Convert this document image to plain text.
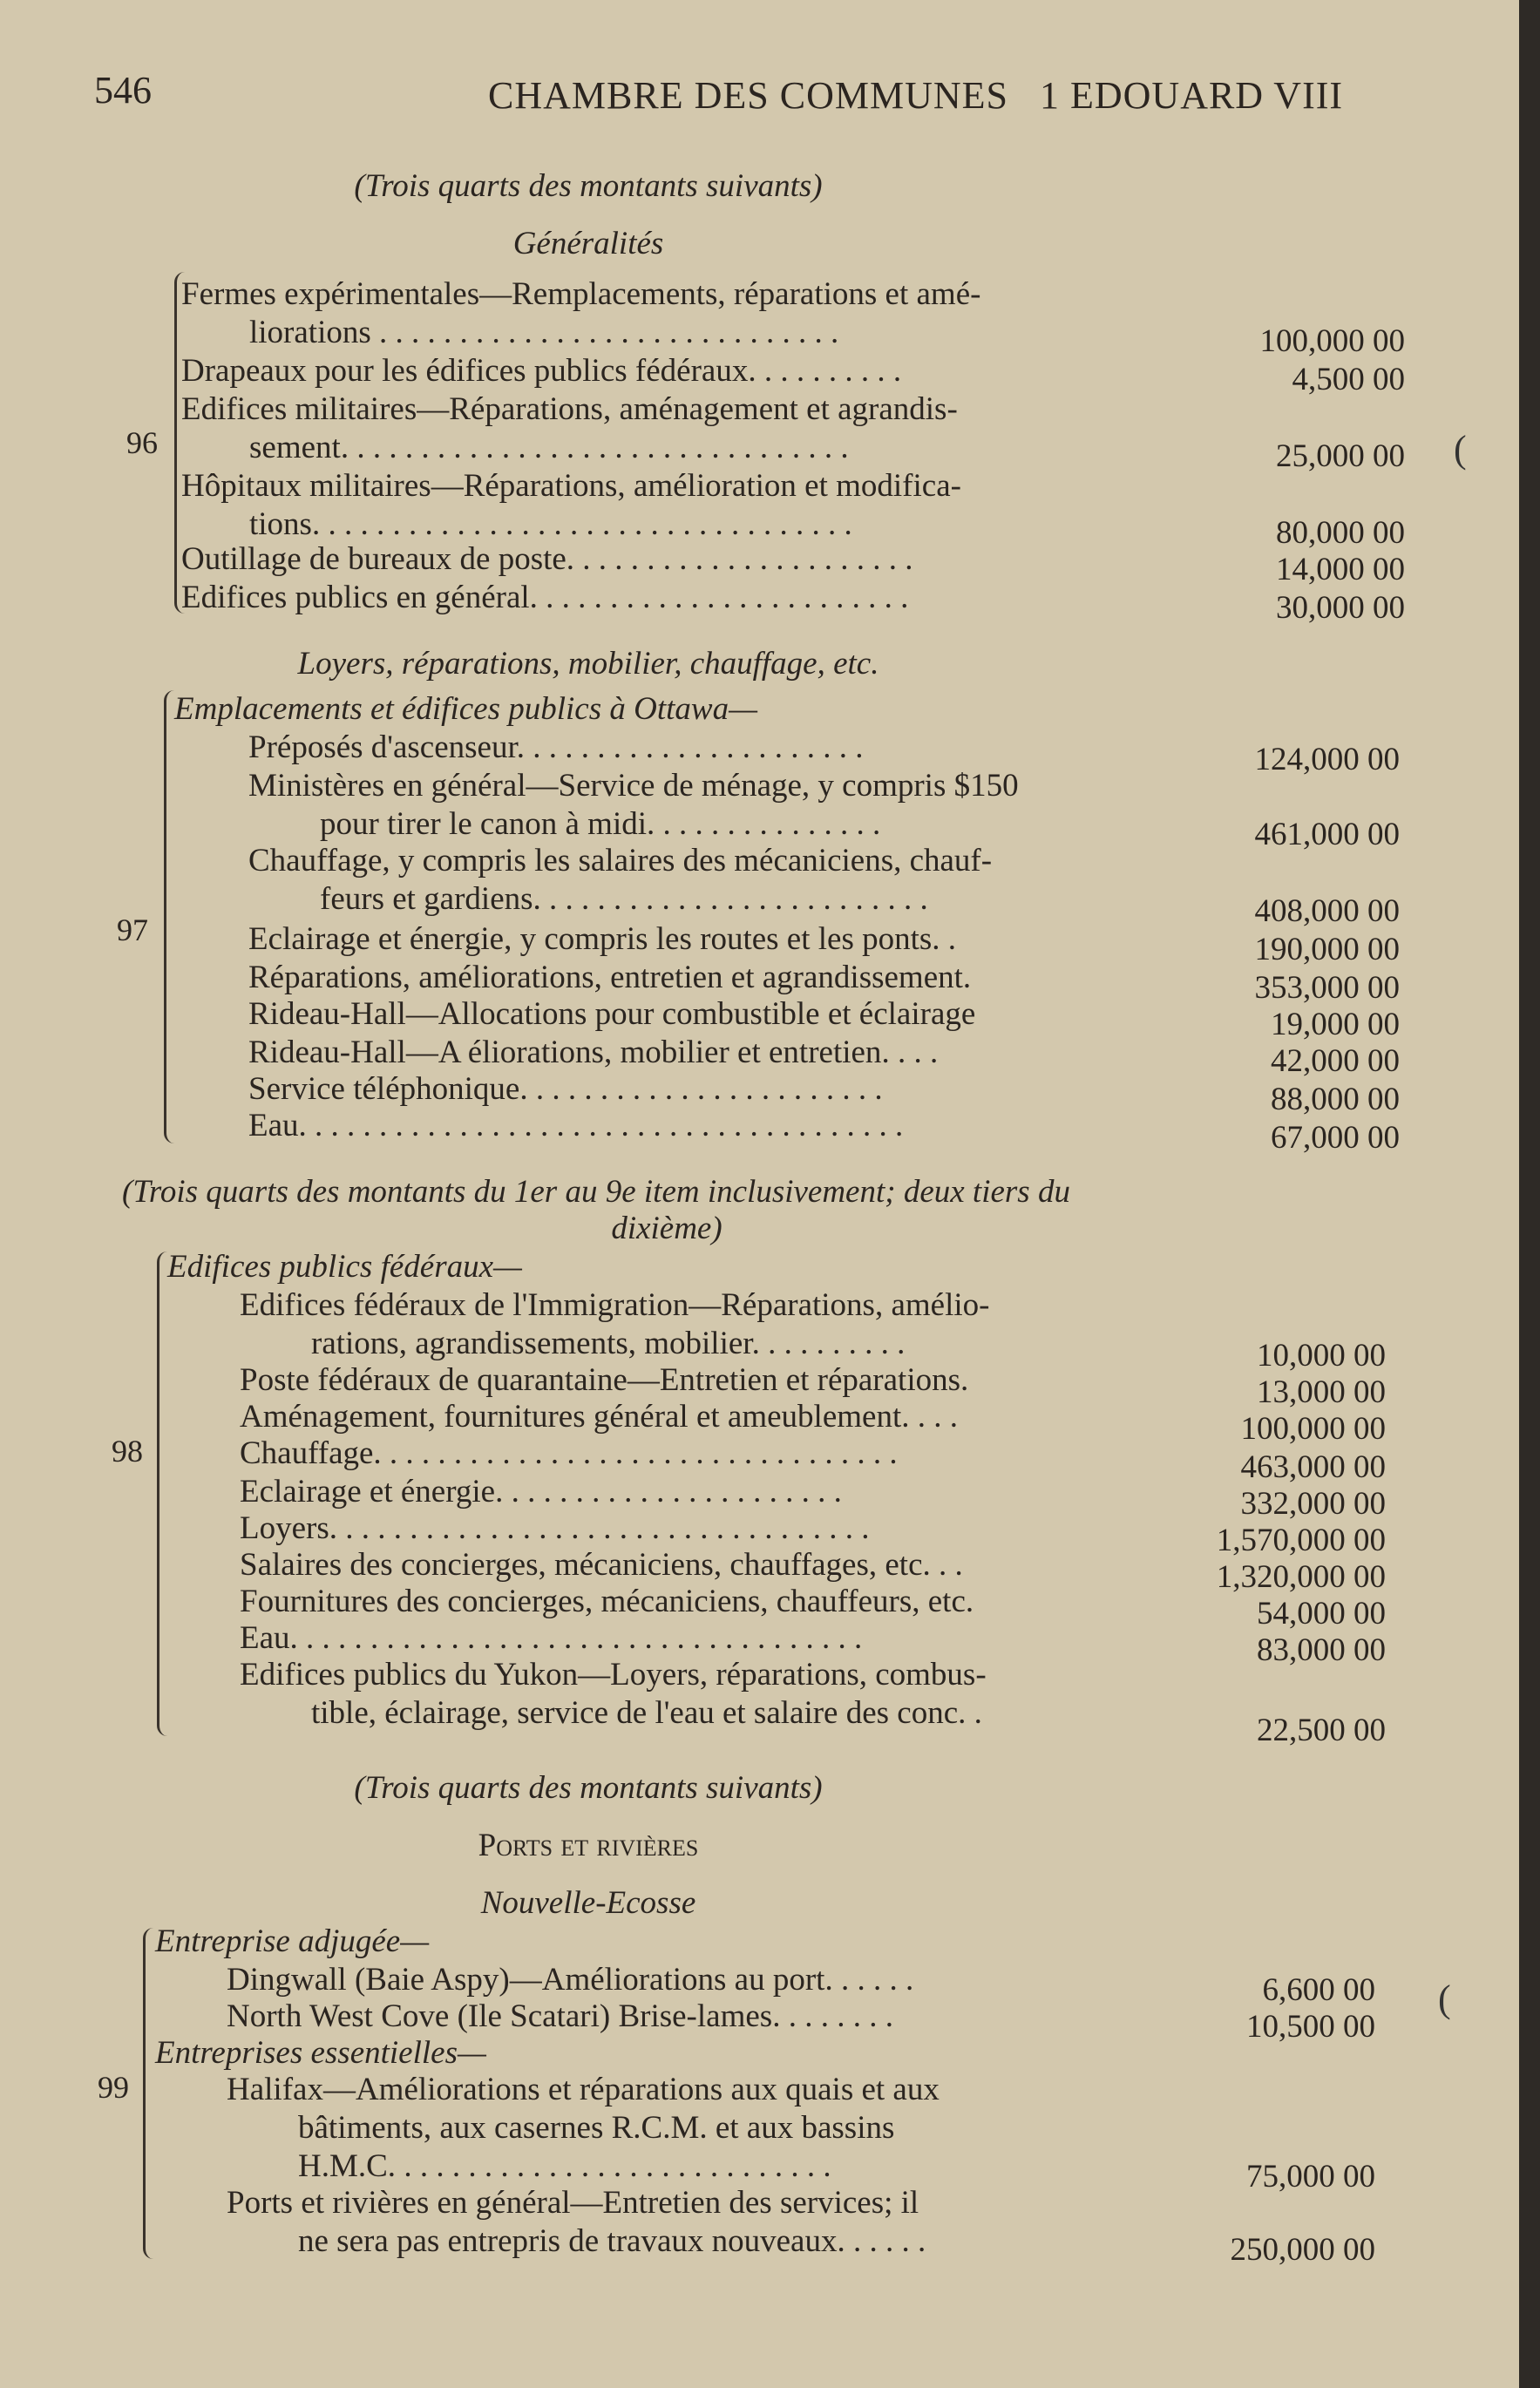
546	CHAMBRE DES COMMUNES   1 EDOUARD VIII
(Trois quarts des montants suivants)
Généralités
96
Fermes expérimentales—Remplacements, réparations et amé-
liorations . . . . . . . . . . . . . . . . . . . . . . . . . . . . .	100,000 00
Drapeaux pour les édifices publics fédéraux. . . . . . . . . .	4,500 00
Edifices militaires—Réparations, aménagement et agrandis-
sement. . . . . . . . . . . . . . . . . . . . . . . . . . . . . . . .	25,000 00
Hôpitaux militaires—Réparations, amélioration et modifica-
tions. . . . . . . . . . . . . . . . . . . . . . . . . . . . . . . . . .	80,000 00
Outillage de bureaux de poste. . . . . . . . . . . . . . . . . . . . . .	14,000 00
Edifices publics en général. . . . . . . . . . . . . . . . . . . . . . . .	30,000 00
(
Loyers, réparations, mobilier, chauffage, etc.
97
Emplacements et édifices publics à Ottawa—
Préposés d'ascenseur. . . . . . . . . . . . . . . . . . . . . .	124,000 00
Ministères en général—Service de ménage, y compris $150
pour tirer le canon à midi. . . . . . . . . . . . . . .	461,000 00
Chauffage, y compris les salaires des mécaniciens, chauf-
feurs et gardiens. . . . . . . . . . . . . . . . . . . . . . . . .	408,000 00
Eclairage et énergie, y compris les routes et les ponts. .	190,000 00
Réparations, améliorations, entretien et agrandissement.	353,000 00
Rideau-Hall—Allocations pour combustible et éclairage	19,000 00
Rideau-Hall—A éliorations, mobilier et entretien. . . .	42,000 00
Service téléphonique. . . . . . . . . . . . . . . . . . . . . . .	88,000 00
Eau. . . . . . . . . . . . . . . . . . . . . . . . . . . . . . . . . . . . . .	67,000 00
(Trois quarts des montants du 1er au 9e item inclusivement; deux tiers du
dixième)
98
Edifices publics fédéraux—
Edifices fédéraux de l'Immigration—Réparations, amélio-
rations, agrandissements, mobilier. . . . . . . . . .	10,000 00
Poste fédéraux de quarantaine—Entretien et réparations.	13,000 00
Aménagement, fournitures général et ameublement. . . .	100,000 00
Chauffage. . . . . . . . . . . . . . . . . . . . . . . . . . . . . . . . .	463,000 00
Eclairage et énergie. . . . . . . . . . . . . . . . . . . . . .	332,000 00
Loyers. . . . . . . . . . . . . . . . . . . . . . . . . . . . . . . . . .	1,570,000 00
Salaires des concierges, mécaniciens, chauffages, etc. . .	1,320,000 00
Fournitures des concierges, mécaniciens, chauffeurs, etc.	54,000 00
Eau. . . . . . . . . . . . . . . . . . . . . . . . . . . . . . . . . . . .	83,000 00
Edifices publics du Yukon—Loyers, réparations, combus-
tible, éclairage, service de l'eau et salaire des conc. .	22,500 00
(Trois quarts des montants suivants)
Ports et rivières
Nouvelle-Ecosse
99
Entreprise adjugée—
Dingwall (Baie Aspy)—Améliorations au port. . . . . .	6,600 00
North West Cove (Ile Scatari) Brise-lames. . . . . . . .	10,500 00
Entreprises essentielles—
Halifax—Améliorations et réparations aux quais et aux
bâtiments, aux casernes R.C.M. et aux bassins
H.M.C. . . . . . . . . . . . . . . . . . . . . . . . . . . .	75,000 00
Ports et rivières en général—Entretien des services; il
ne sera pas entrepris de travaux nouveaux. . . . . .	250,000 00
(
